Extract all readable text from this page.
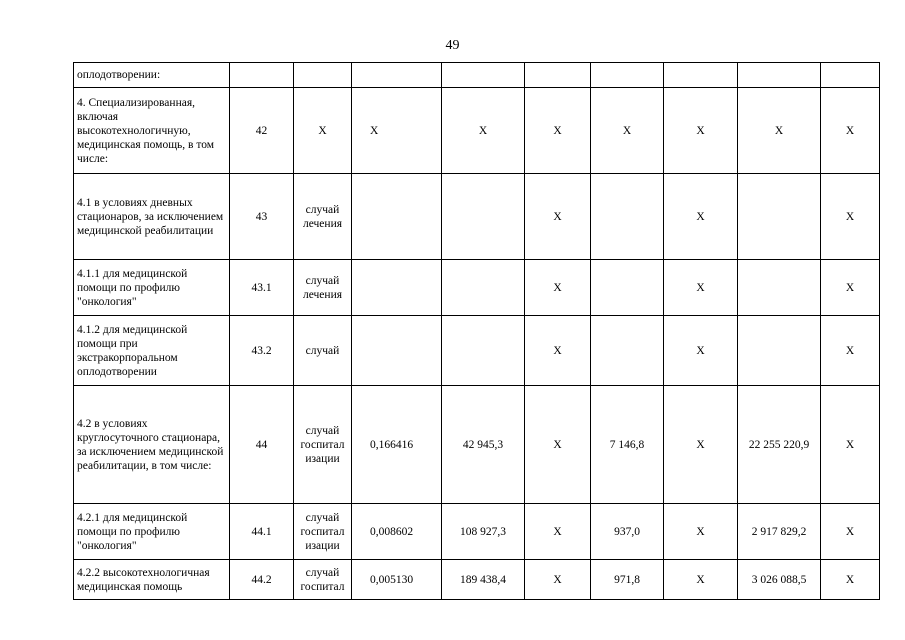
49
оплодотворении:									
4. Специализированная, включая высокотехнологичную, медицинская помощь, в том числе:	42	X	X	X	X	X	X	X	X
4.1 в условиях дневных стационаров, за исключением медицинской реабилитации	43	случай лечения			X		X		X
4.1.1 для медицинской помощи по профилю "онкология"	43.1	случай лечения			X		X		X
4.1.2 для медицинской помощи при экстракорпоральном оплодотворении	43.2	случай			X		X		X
4.2 в условиях круглосуточного стационара, за исключением медицинской реабилитации, в том числе:	44	случай госпитал изации	0,166416	42 945,3	X	7 146,8	X	22 255 220,9	X
4.2.1 для медицинской помощи по профилю "онкология"	44.1	случай госпитал изации	0,008602	108 927,3	X	937,0	X	2 917 829,2	X
4.2.2 высокотехнологичная медицинская помощь	44.2	случай госпитал	0,005130	189 438,4	X	971,8	X	3 026 088,5	X
